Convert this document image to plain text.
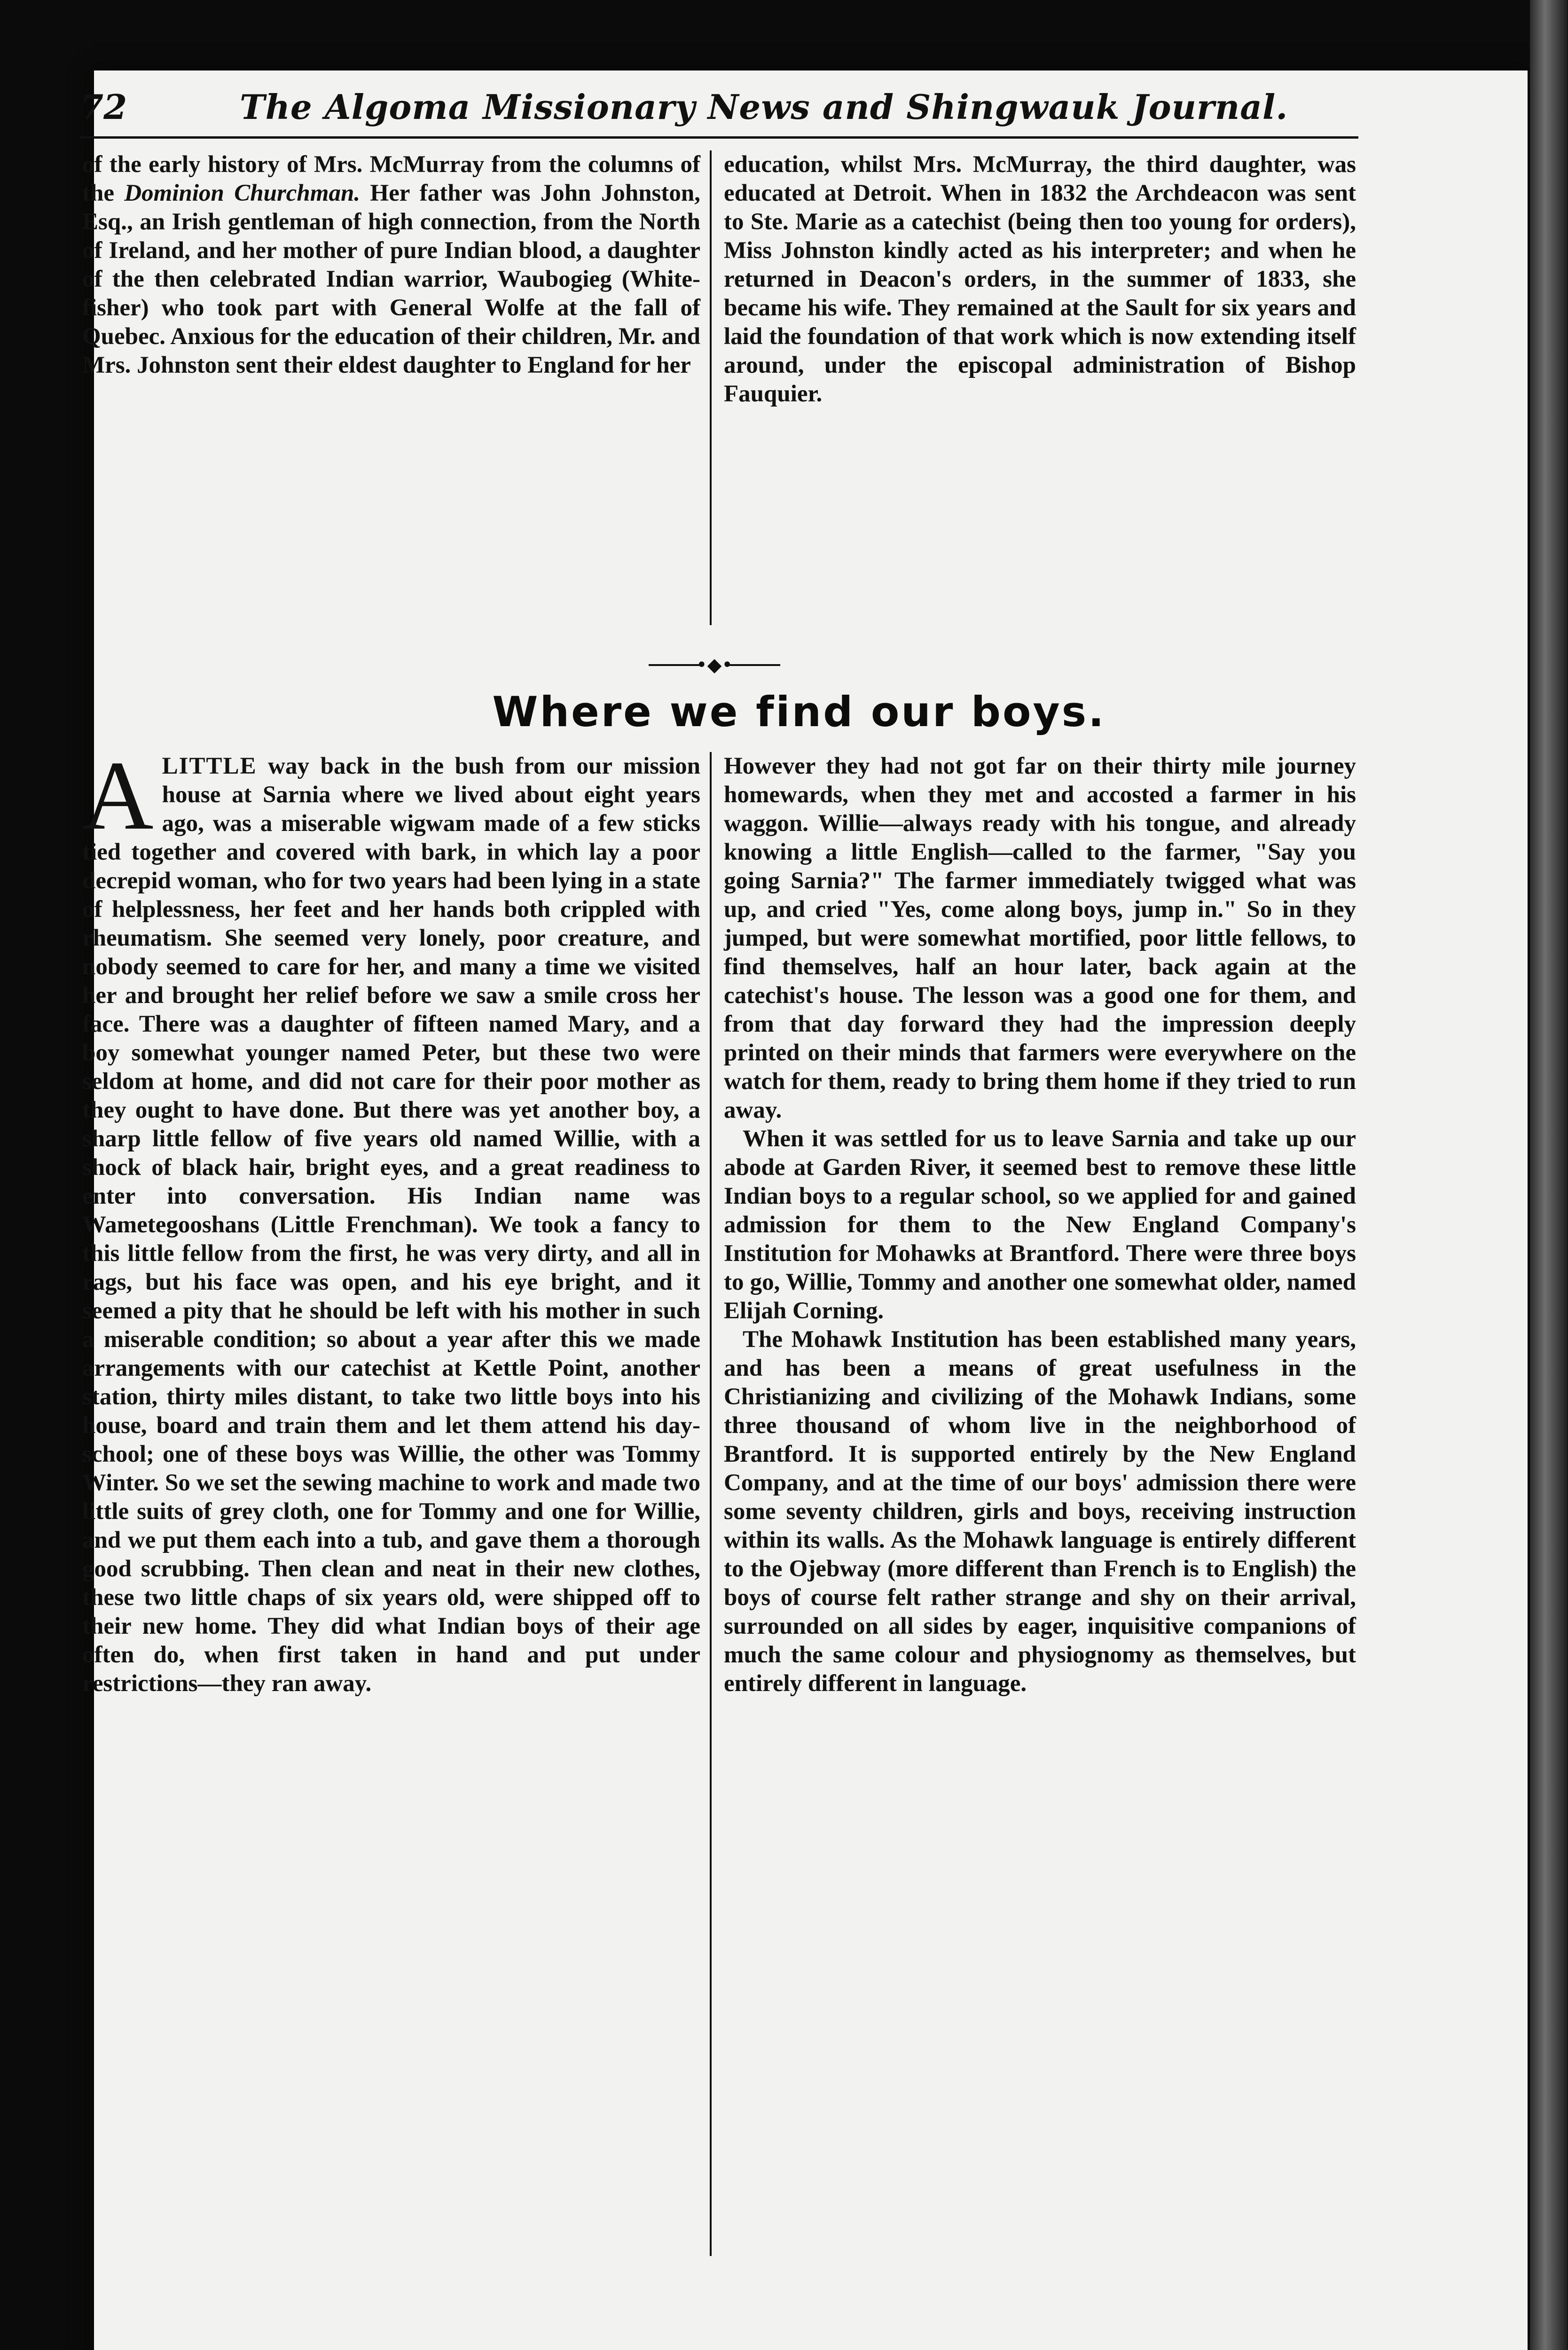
72	The Algoma Missionary News and Shingwauk Journal.

of the early history of Mrs. McMurray from the columns of the Dominion Churchman. Her father was John Johnston, Esq., an Irish gentleman of high connection, from the North of Ireland, and her mother of pure Indian blood, a daughter of the then celebrated Indian warrior, Waubogieg (White-fisher) who took part with General Wolfe at the fall of Quebec. Anxious for the education of their children, Mr. and Mrs. Johnston sent their eldest daughter to England for her

education, whilst Mrs. McMurray, the third daughter, was educated at Detroit. When in 1832 the Archdeacon was sent to Ste. Marie as a catechist (being then too young for orders), Miss Johnston kindly acted as his interpreter; and when he returned in Deacon's orders, in the summer of 1833, she became his wife. They remained at the Sault for six years and laid the foundation of that work which is now extending itself around, under the episcopal administration of Bishop Fauquier.

•◆•
Where we find our boys.

ALITTLE way back in the bush from our mission house at Sarnia where we lived about eight years ago, was a miserable wigwam made of a few sticks tied together and covered with bark, in which lay a poor decrepid woman, who for two years had been lying in a state of helplessness, her feet and her hands both crippled with rheumatism. She seemed very lonely, poor creature, and nobody seemed to care for her, and many a time we visited her and brought her relief before we saw a smile cross her face. There was a daughter of fifteen named Mary, and a boy somewhat younger named Peter, but these two were seldom at home, and did not care for their poor mother as they ought to have done. But there was yet another boy, a sharp little fellow of five years old named Willie, with a shock of black hair, bright eyes, and a great readiness to enter into conversation. His Indian name was Wametegooshans (Little Frenchman). We took a fancy to this little fellow from the first, he was very dirty, and all in rags, but his face was open, and his eye bright, and it seemed a pity that he should be left with his mother in such a miserable condition; so about a year after this we made arrangements with our catechist at Kettle Point, another station, thirty miles distant, to take two little boys into his house, board and train them and let them attend his day-school; one of these boys was Willie, the other was Tommy Winter. So we set the sewing machine to work and made two little suits of grey cloth, one for Tommy and one for Willie, and we put them each into a tub, and gave them a thorough good scrubbing. Then clean and neat in their new clothes, these two little chaps of six years old, were shipped off to their new home. They did what Indian boys of their age often do, when first taken in hand and put under restrictions—they ran away.

However they had not got far on their thirty mile journey homewards, when they met and accosted a farmer in his waggon. Willie—always ready with his tongue, and already knowing a little English—called to the farmer, "Say you going Sarnia?" The farmer immediately twigged what was up, and cried "Yes, come along boys, jump in." So in they jumped, but were somewhat mortified, poor little fellows, to find themselves, half an hour later, back again at the catechist's house. The lesson was a good one for them, and from that day forward they had the impression deeply printed on their minds that farmers were everywhere on the watch for them, ready to bring them home if they tried to run away.

When it was settled for us to leave Sarnia and take up our abode at Garden River, it seemed best to remove these little Indian boys to a regular school, so we applied for and gained admission for them to the New England Company's Institution for Mohawks at Brantford. There were three boys to go, Willie, Tommy and another one somewhat older, named Elijah Corning.

The Mohawk Institution has been established many years, and has been a means of great usefulness in the Christianizing and civilizing of the Mohawk Indians, some three thousand of whom live in the neighborhood of Brantford. It is supported entirely by the New England Company, and at the time of our boys' admission there were some seventy children, girls and boys, receiving instruction within its walls. As the Mohawk language is entirely different to the Ojebway (more different than French is to English) the boys of course felt rather strange and shy on their arrival, surrounded on all sides by eager, inquisitive companions of much the same colour and physiognomy as themselves, but entirely different in language.
